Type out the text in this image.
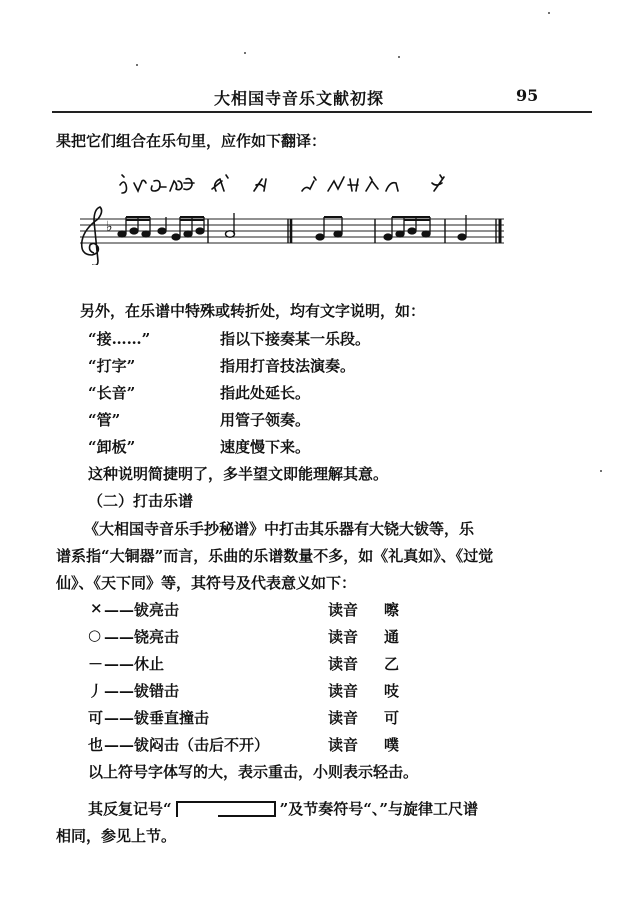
大相国寺音乐文献初探	95
果把它们组合在乐句里，应作如下翻译：
♭
乐谱翻译示例
另外，在乐谱中特殊或转折处，均有文字说明，如：
“接……”	指以下接奏某一乐段。
“打字”	指用打音技法演奏。
“长音”	指此处延长。
“管”	用管子领奏。
“卸板”	速度慢下来。
这种说明简捷明了，多半望文即能理解其意。
（二）打击乐谱
《大相国寺音乐手抄秘谱》中打击其乐器有大铙大钹等，乐
谱系指“大铜器”而言，乐曲的乐谱数量不多，如《礼真如》、《过觉
仙》、《天下同》等，其符号及代表意义如下：
× ——钹亮击	读音 嚓
○ ——铙亮击	读音 通
－ ——休止	读音 乙
丿 ——钹错击	读音 吱
可 ——钹垂直撞击	读音 可
也 ——钹闷击（击后不开）	读音 噗
以上符号字体写的大，表示重击，小则表示轻击。
其反复记号“	”及节奏符号“、”与旋律工尺谱
相同，参见上节。
